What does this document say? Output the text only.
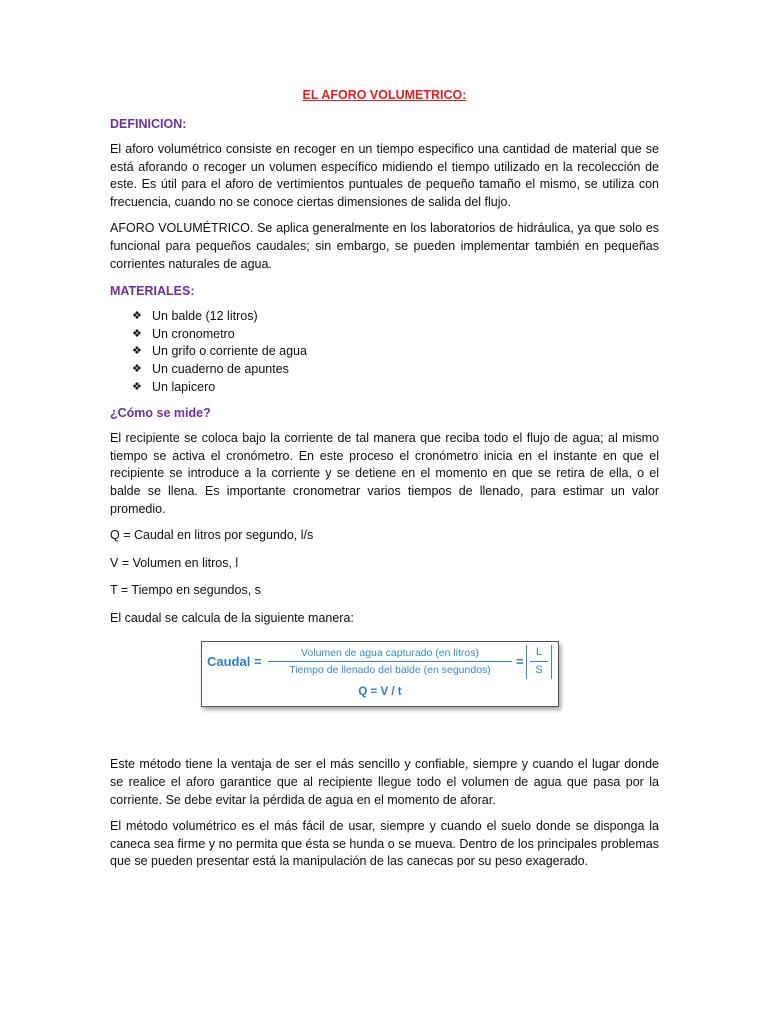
EL AFORO VOLUMETRICO:
DEFINICION:

El aforo volumétrico consiste en recoger en un tiempo especifico una cantidad de material que se está aforando o recoger un volumen específico midiendo el tiempo utilizado en la recolección de este. Es útil para el aforo de vertimientos puntuales de pequeño tamaño el mismo, se utiliza con frecuencia, cuando no se conoce ciertas dimensiones de salida del flujo.

AFORO VOLUMÉTRICO. Se aplica generalmente en los laboratorios de hidráulica, ya que solo es funcional para pequeños caudales; sin embargo, se pueden implementar también en pequeñas corrientes naturales de agua.

MATERIALES:
❖ Un balde (12 litros)
❖ Un cronometro
❖ Un grifo o corriente de agua
❖ Un cuaderno de apuntes
❖ Un lapicero
¿Cómo se mide?

El recipiente se coloca bajo la corriente de tal manera que reciba todo el flujo de agua; al mismo tiempo se activa el cronómetro. En este proceso el cronómetro inicia en el instante en que el recipiente se introduce a la corriente y se detiene en el momento en que se retira de ella, o el balde se llena. Es importante cronometrar varios tiempos de llenado, para estimar un valor promedio.

Q = Caudal en litros por segundo, l/s

V = Volumen en litros, l

T = Tiempo en segundos, s

El caudal se calcula de la siguiente manera:

Caudal =
Volumen de agua capturado (en litros)
Tiempo de llenado del balde (en segundos)
=
L
S
Q = V / t

Este método tiene la ventaja de ser el más sencillo y confiable, siempre y cuando el lugar donde se realice el aforo garantice que al recipiente llegue todo el volumen de agua que pasa por la corriente. Se debe evitar la pérdida de agua en el momento de aforar.

El método volumétrico es el más fácil de usar, siempre y cuando el suelo donde se disponga la caneca sea firme y no permita que ésta se hunda o se mueva. Dentro de los principales problemas que se pueden presentar está la manipulación de las canecas por su peso exagerado.
